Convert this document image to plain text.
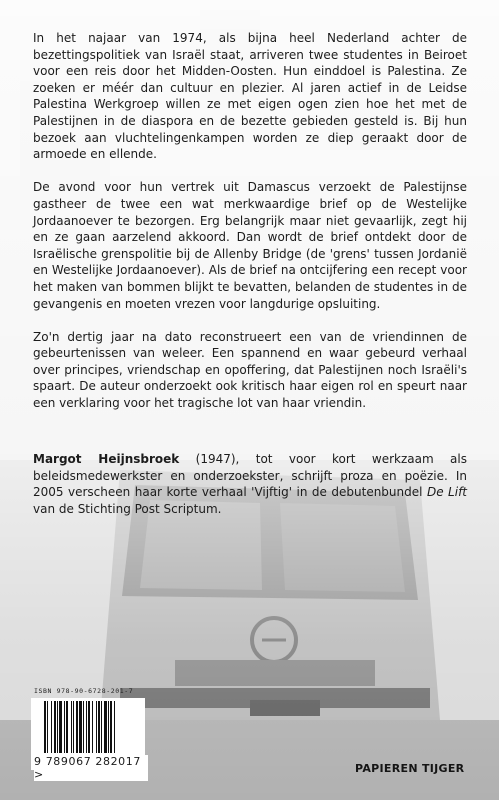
In het najaar van 1974, als bijna heel Nederland achter de bezettingspolitiek van Israël staat, arriveren twee studentes in Beiroet voor een reis door het Midden-Oosten. Hun einddoel is Palestina. Ze zoeken er méér dan cultuur en plezier. Al jaren actief in de Leidse Palestina Werkgroep willen ze met eigen ogen zien hoe het met de Palestijnen in de diaspora en de bezette gebieden gesteld is. Bij hun bezoek aan vluchtelingenkampen worden ze diep geraakt door de armoede en ellende.

De avond voor hun vertrek uit Damascus verzoekt de Palestijnse gastheer de twee een wat merkwaardige brief op de Westelijke Jordaanoever te bezorgen. Erg belangrijk maar niet gevaarlijk, zegt hij en ze gaan aarzelend akkoord. Dan wordt de brief ontdekt door de Israëlische grenspolitie bij de Allenby Bridge (de 'grens' tussen Jordanië en Westelijke Jordaanoever). Als de brief na ontcijfering een recept voor het maken van bommen blijkt te bevatten, belanden de studentes in de gevangenis en moeten vrezen voor langdurige opsluiting.

Zo'n dertig jaar na dato reconstrueert een van de vriendinnen de gebeurtenissen van weleer. Een spannend en waar gebeurd verhaal over principes, vriendschap en opoffering, dat Palestijnen noch Israëli's spaart. De auteur onderzoekt ook kritisch haar eigen rol en speurt naar een verklaring voor het tragische lot van haar vriendin.

Margot Heijnsbroek (1947), tot voor kort werkzaam als beleidsmedewerkster en onderzoekster, schrijft proza en poëzie. In 2005 verscheen haar korte verhaal 'Vijftig' in de debutenbundel De Lift van de Stichting Post Scriptum.
ISBN 978-90-6728-201-7
9 789067 282017 >	PAPIEREN TIJGER
